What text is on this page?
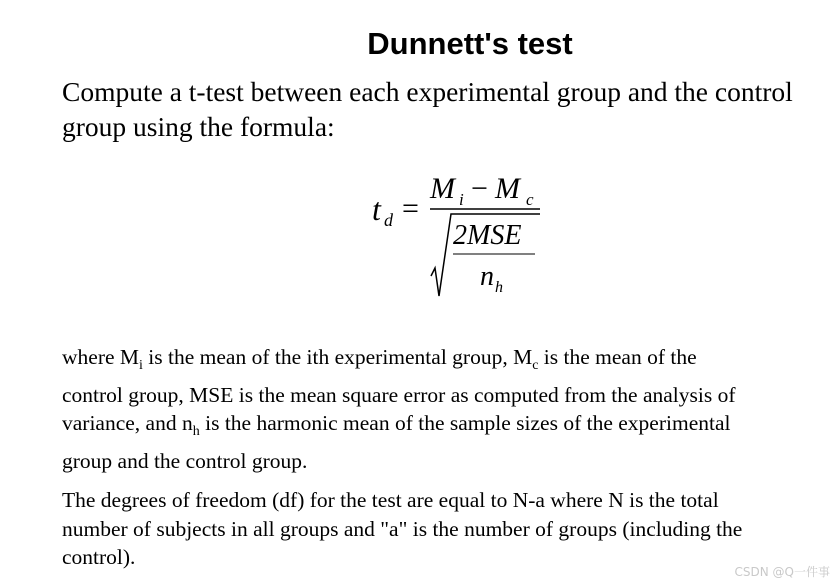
Dunnett's test
Compute a t-test between each experimental group and the control
group using the formula:
t d =
M i − M c
2MSE
n h
where $M_i$ is the mean of the ith experimental group, $M_c$ is the mean of the
control group, MSE is the mean square error as computed from the analysis of
variance, and $n_h$ is the harmonic mean of the sample sizes of the experimental
group and the control group.
The degrees of freedom (df) for the test are equal to N-a where N is the total
number of subjects in all groups and "a" is the number of groups (including the
control).
CSDN @Q一件事
